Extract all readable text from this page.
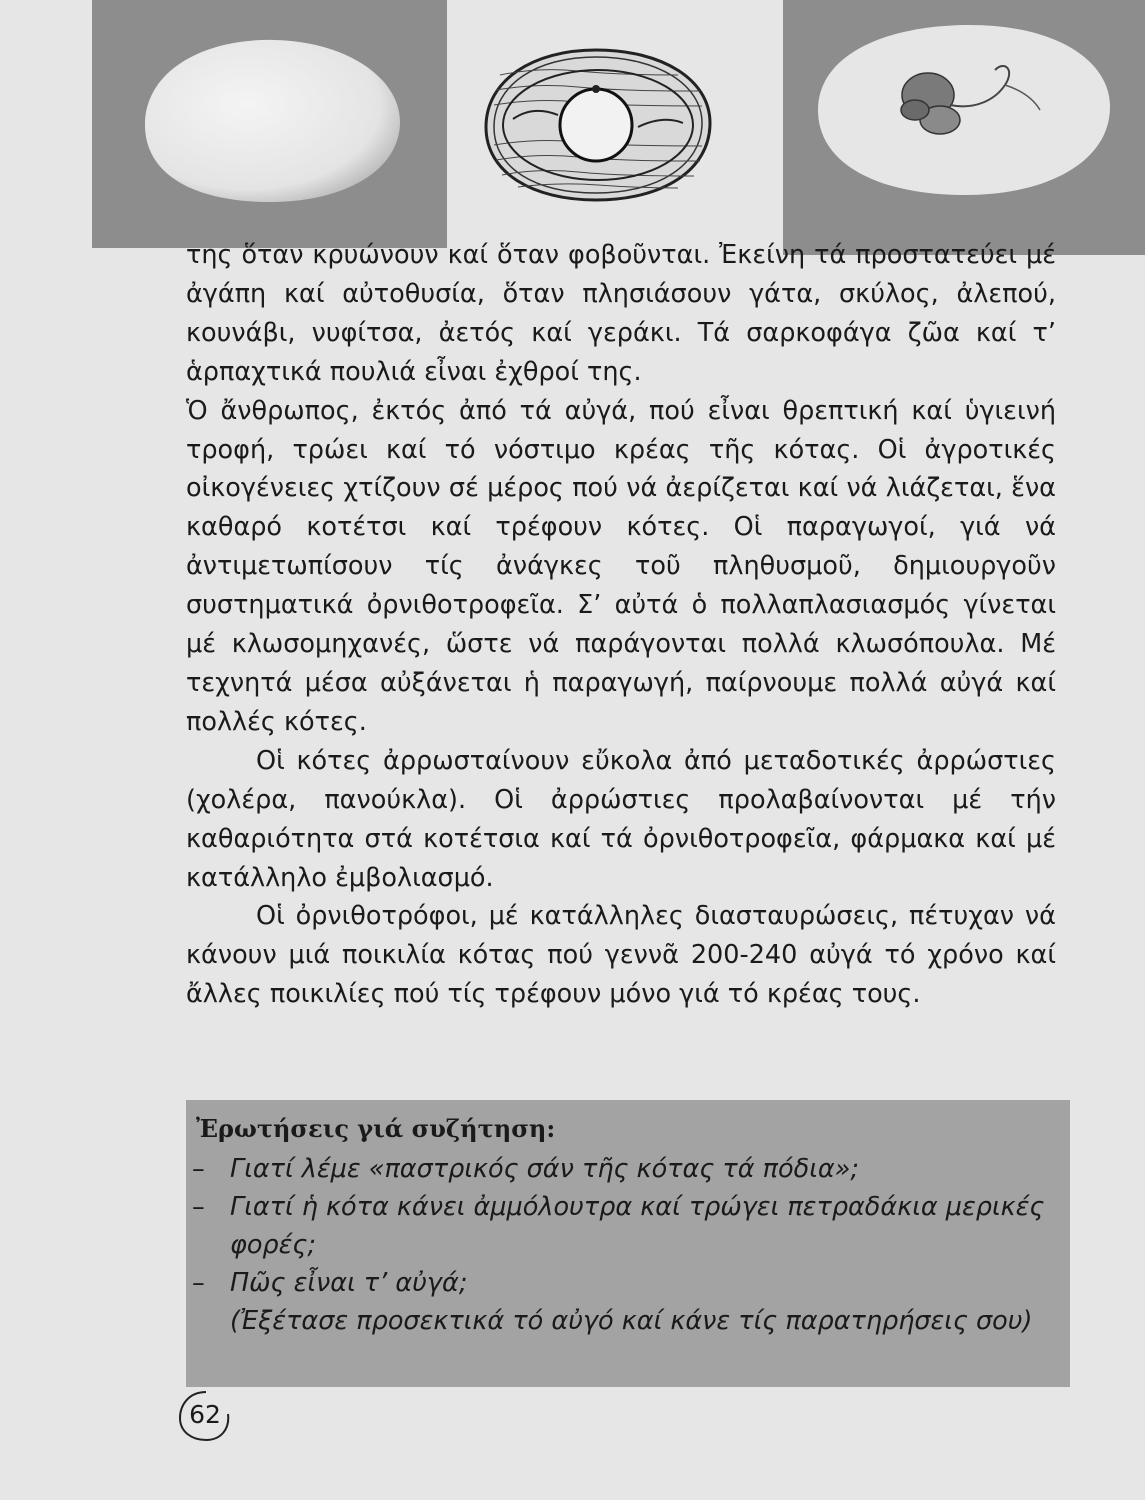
της ὅταν κρυώνουν καί ὅταν φοβοῦνται. Ἐκείνη τά προστατεύει μέ ἀγάπη καί αὐτοθυσία, ὅταν πλησιάσουν γάτα, σκύλος, ἀλεπού, κουνάβι, νυφίτσα, ἀετός καί γεράκι. Τά σαρκοφάγα ζῶα καί τ’ ἁρπαχτικά πουλιά εἶναι ἐχθροί της.

Ὁ ἄνθρωπος, ἐκτός ἀπό τά αὐγά, πού εἶναι θρεπτική καί ὑγιεινή τροφή, τρώει καί τό νόστιμο κρέας τῆς κότας. Οἱ ἀγροτικές οἰκογένειες χτίζουν σέ μέρος πού νά ἀερίζεται καί νά λιάζεται, ἕνα καθαρό κοτέτσι καί τρέφουν κότες. Οἱ παραγωγοί, γιά νά ἀντιμετωπίσουν τίς ἀνάγκες τοῦ πληθυσμοῦ, δημιουργοῦν συστηματικά ὀρνιθοτροφεῖα. Σ’ αὐτά ὁ πολλαπλασιασμός γίνεται μέ κλωσομηχανές, ὥστε νά παράγονται πολλά κλωσόπουλα. Μέ τεχνητά μέσα αὐξάνεται ἡ παραγωγή, παίρνουμε πολλά αὐγά καί πολλές κότες.

Οἱ κότες ἀρρωσταίνουν εὔκολα ἀπό μεταδοτικές ἀρρώστιες (χολέρα, πανούκλα). Οἱ ἀρρώστιες προλαβαίνονται μέ τήν καθαριότητα στά κοτέτσια καί τά ὀρνιθοτροφεῖα, φάρμακα καί μέ κατάλληλο ἐμβολιασμό.

Οἱ ὀρνιθοτρόφοι, μέ κατάλληλες διασταυρώσεις, πέτυχαν νά κάνουν μιά ποικιλία κότας πού γεννᾶ 200-240 αὐγά τό χρόνο καί ἄλλες ποικιλίες πού τίς τρέφουν μόνο γιά τό κρέας τους.

Ἐρωτήσεις γιά συζήτηση:
– Γιατί λέμε «παστρικός σάν τῆς κότας τά πόδια»;
– Γιατί ἡ κότα κάνει ἀμμόλουτρα καί τρώγει πετραδάκια μερικές φορές;
– Πῶς εἶναι τ’ αὐγά;
(Ἐξέτασε προσεκτικά τό αὐγό καί κάνε τίς παρατηρήσεις σου)
62
